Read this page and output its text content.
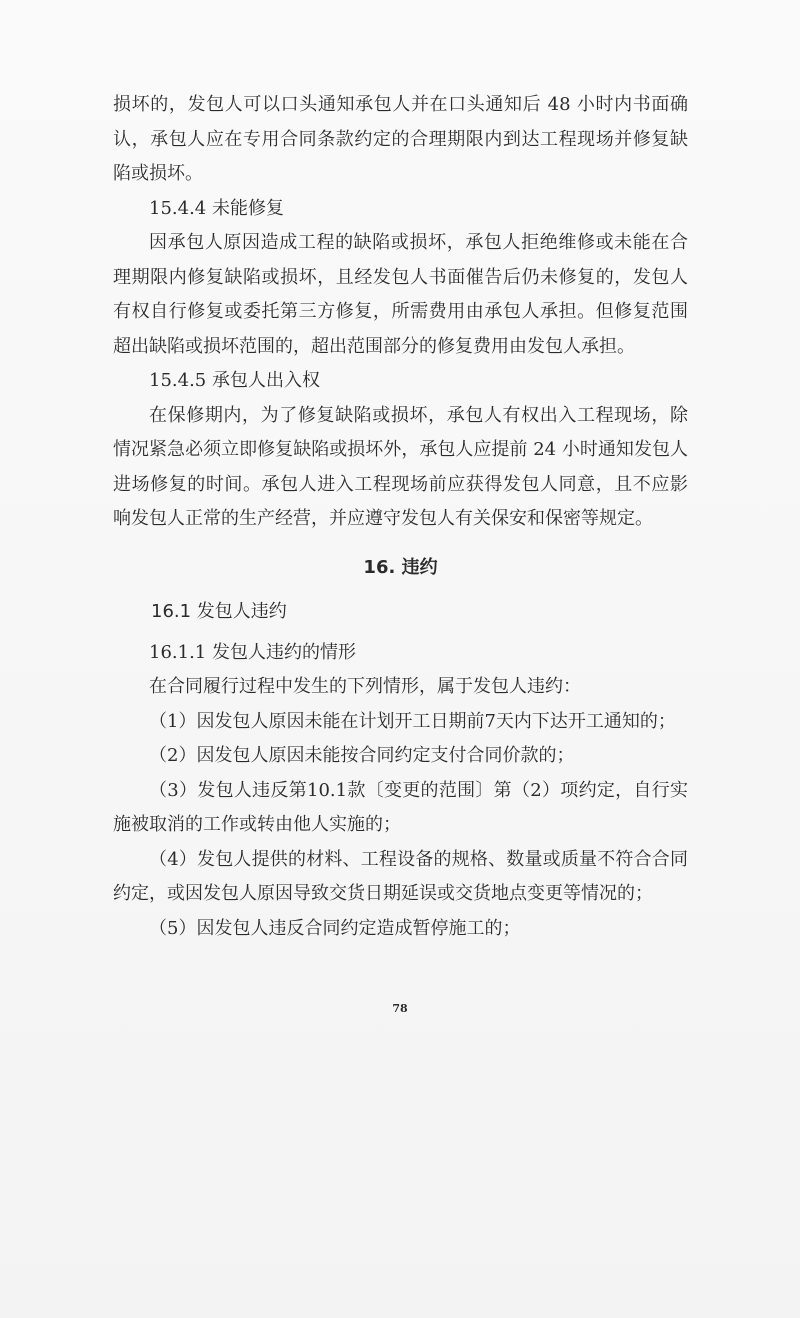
损坏的，发包人可以口头通知承包人并在口头通知后 48 小时内书面确认，承包人应在专用合同条款约定的合理期限内到达工程现场并修复缺陷或损坏。

15.4.4 未能修复

因承包人原因造成工程的缺陷或损坏，承包人拒绝维修或未能在合理期限内修复缺陷或损坏，且经发包人书面催告后仍未修复的，发包人有权自行修复或委托第三方修复，所需费用由承包人承担。但修复范围超出缺陷或损坏范围的，超出范围部分的修复费用由发包人承担。

15.4.5 承包人出入权

在保修期内，为了修复缺陷或损坏，承包人有权出入工程现场，除情况紧急必须立即修复缺陷或损坏外，承包人应提前 24 小时通知发包人进场修复的时间。承包人进入工程现场前应获得发包人同意，且不应影响发包人正常的生产经营，并应遵守发包人有关保安和保密等规定。

16. 违约
16.1 发包人违约

16.1.1 发包人违约的情形

在合同履行过程中发生的下列情形，属于发包人违约：

（1）因发包人原因未能在计划开工日期前7天内下达开工通知的；

（2）因发包人原因未能按合同约定支付合同价款的；

（3）发包人违反第10.1款〔变更的范围〕第（2）项约定，自行实施被取消的工作或转由他人实施的；

（4）发包人提供的材料、工程设备的规格、数量或质量不符合合同约定，或因发包人原因导致交货日期延误或交货地点变更等情况的；

（5）因发包人违反合同约定造成暂停施工的；

78
